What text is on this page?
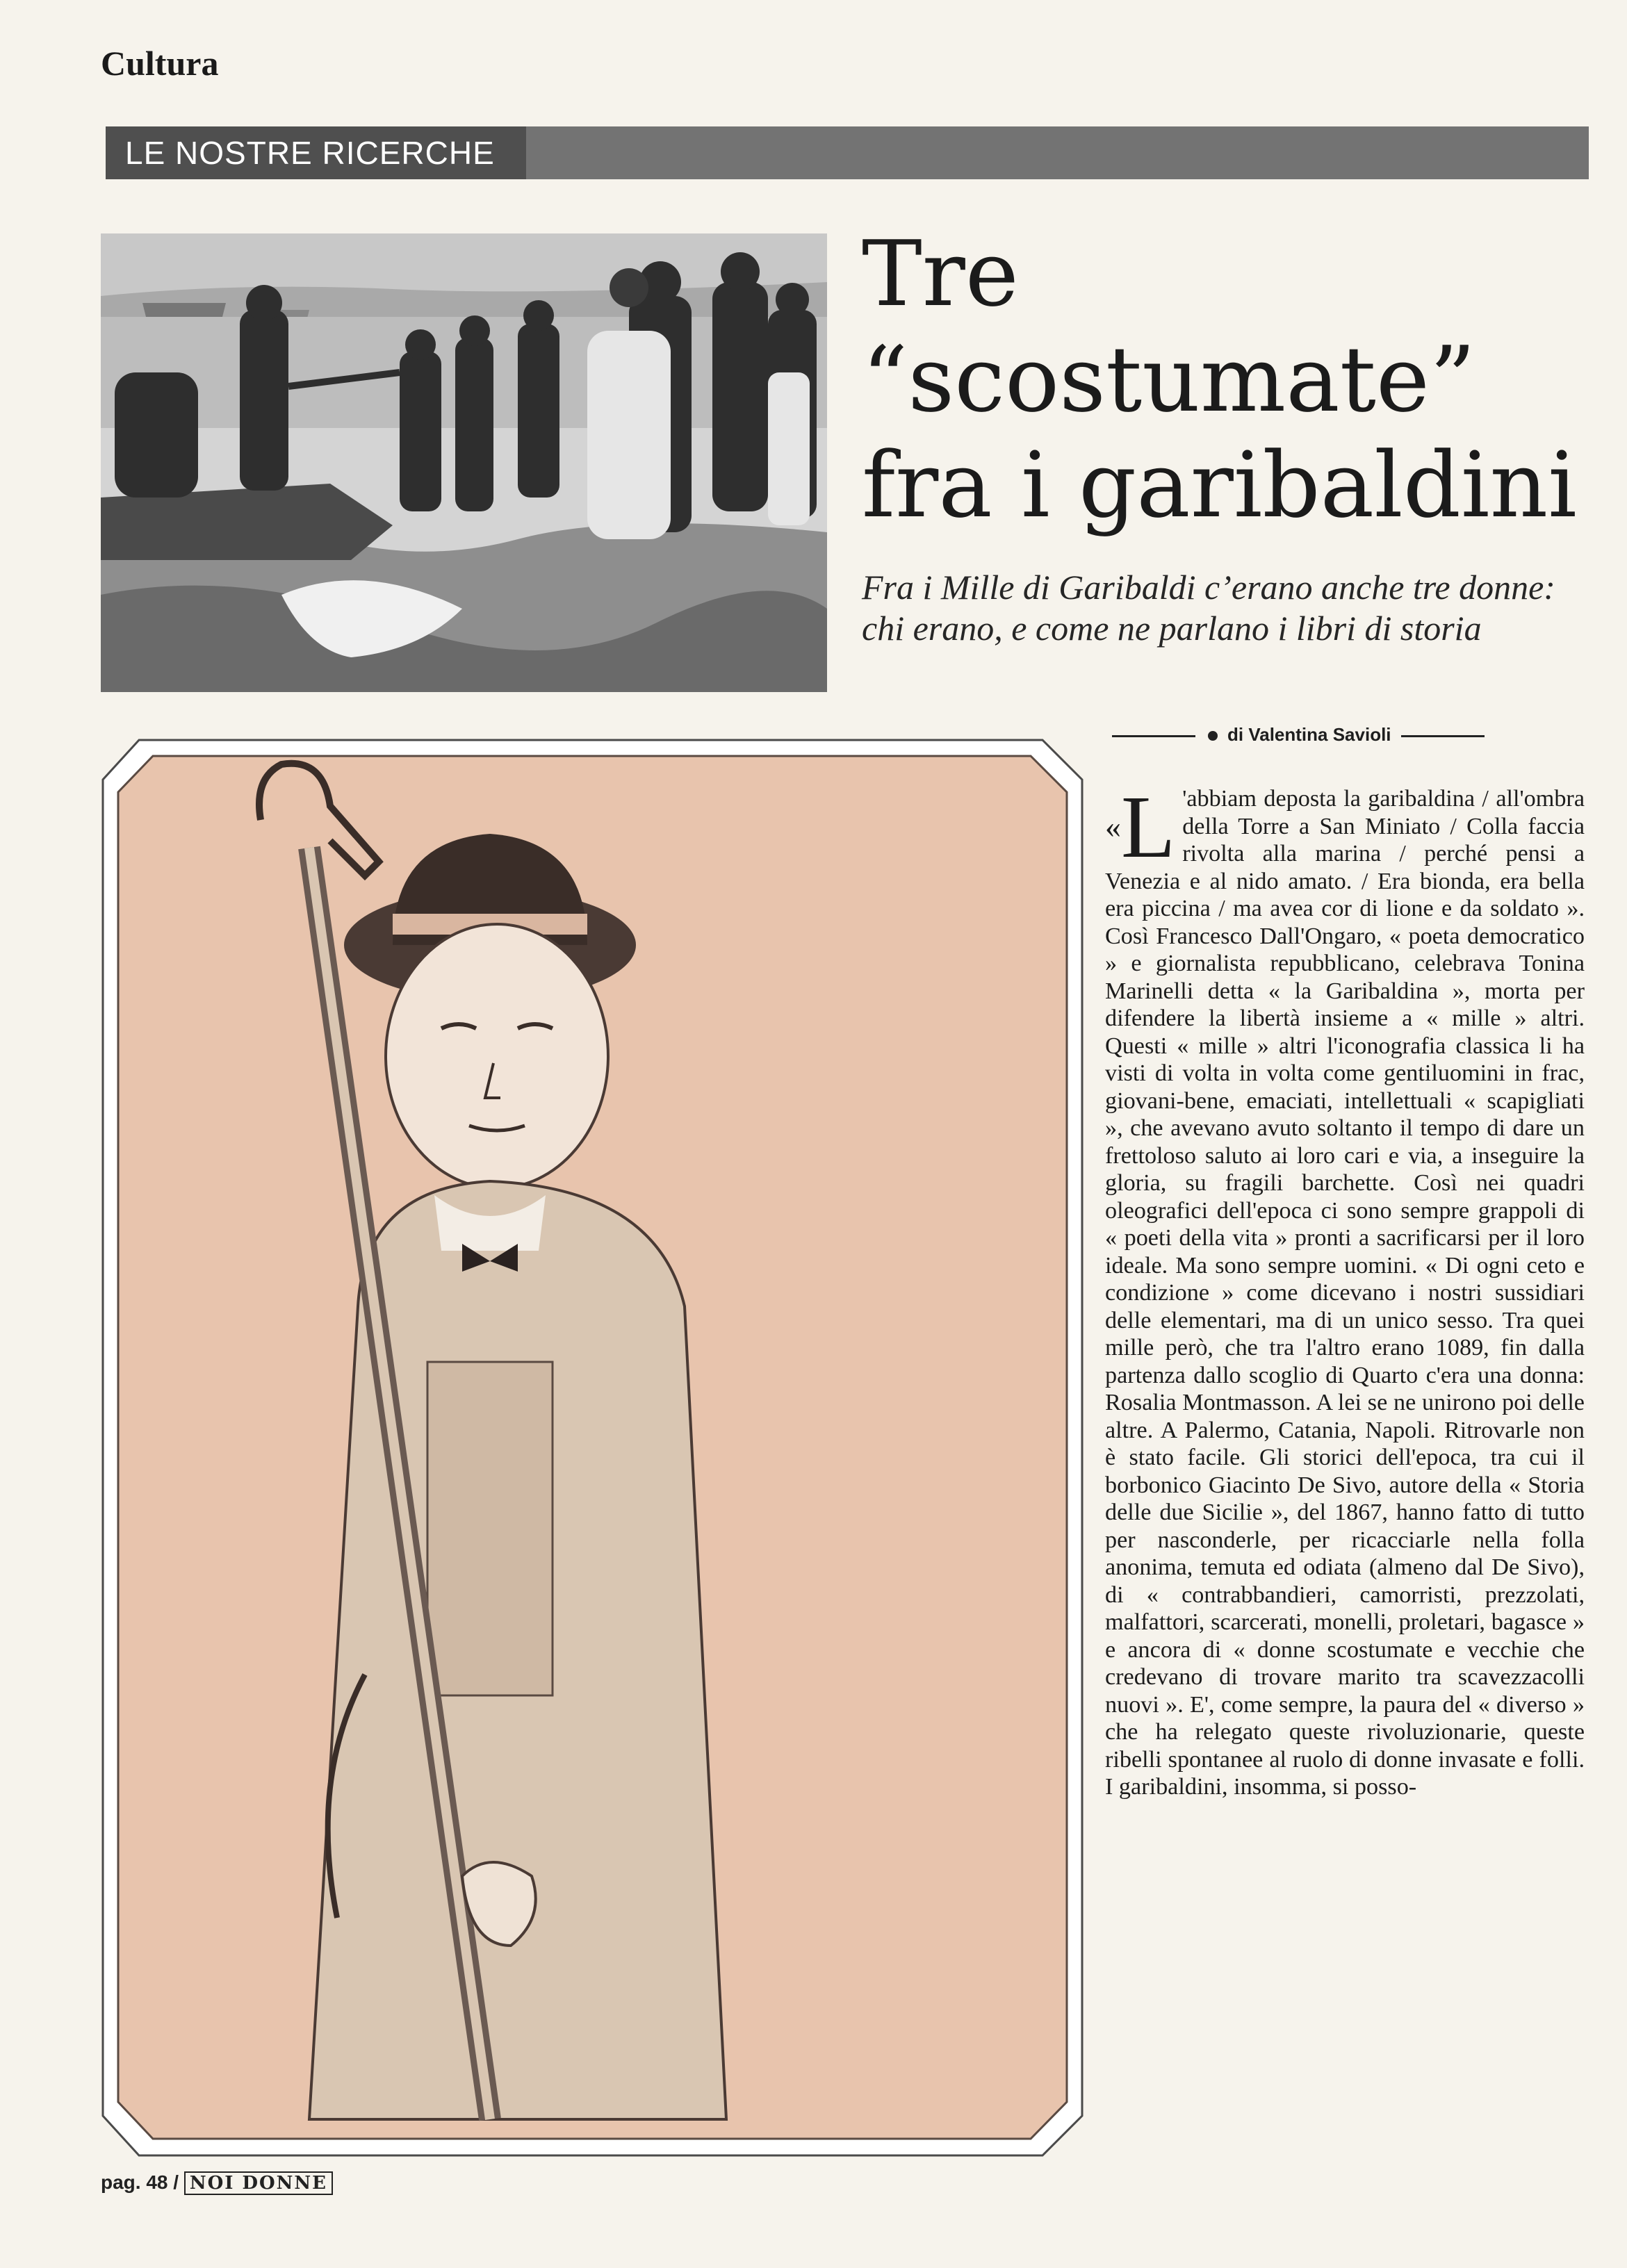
Cultura
LE NOSTRE RICERCHE
Tre “scostumate” fra i garibaldini
Fra i Mille di Garibaldi c’erano anche tre donne: chi erano, e come ne parlano i libri di storia
di Valentina Savioli
«L 'abbiam deposta la garibaldina / all'ombra della Torre a San Miniato / Colla faccia rivolta alla marina / perché pensi a Venezia e al nido amato. / Era bionda, era bella era piccina / ma avea cor di lione e da soldato ». Così Francesco Dall'Ongaro, « poeta democratico » e giornalista repubblicano, celebrava Tonina Marinelli detta « la Garibaldina », morta per difendere la libertà insieme a « mille » altri. Questi « mille » altri l'iconografia classica li ha visti di volta in volta come gentiluomini in frac, giovani-bene, emaciati, intellettuali « scapigliati », che avevano avuto soltanto il tempo di dare un frettoloso saluto ai loro cari e via, a inseguire la gloria, su fragili barchette. Così nei quadri oleografici dell'epoca ci sono sempre grappoli di « poeti della vita » pronti a sacrificarsi per il loro ideale. Ma sono sempre uomini. « Di ogni ceto e condizione » come dicevano i nostri sussidiari delle elementari, ma di un unico sesso. Tra quei mille però, che tra l'altro erano 1089, fin dalla partenza dallo scoglio di Quarto c'era una donna: Rosalia Montmasson. A lei se ne unirono poi delle altre. A Palermo, Catania, Napoli. Ritrovarle non è stato facile. Gli storici dell'epoca, tra cui il borbonico Giacinto De Sivo, autore della « Storia delle due Sicilie », del 1867, hanno fatto di tutto per nasconderle, per ricacciarle nella folla anonima, temuta ed odiata (almeno dal De Sivo), di « contrabbandieri, camorristi, prezzolati, malfattori, scarcerati, monelli, proletari, bagasce » e ancora di « donne scostumate e vecchie che credevano di trovare marito tra scavezzacolli nuovi ». E', come sempre, la paura del « diverso » che ha relegato queste rivoluzionarie, queste ribelli spontanee al ruolo di donne invasate e folli. I garibaldini, insomma, si posso-
pag. 48 / NOI DONNE
